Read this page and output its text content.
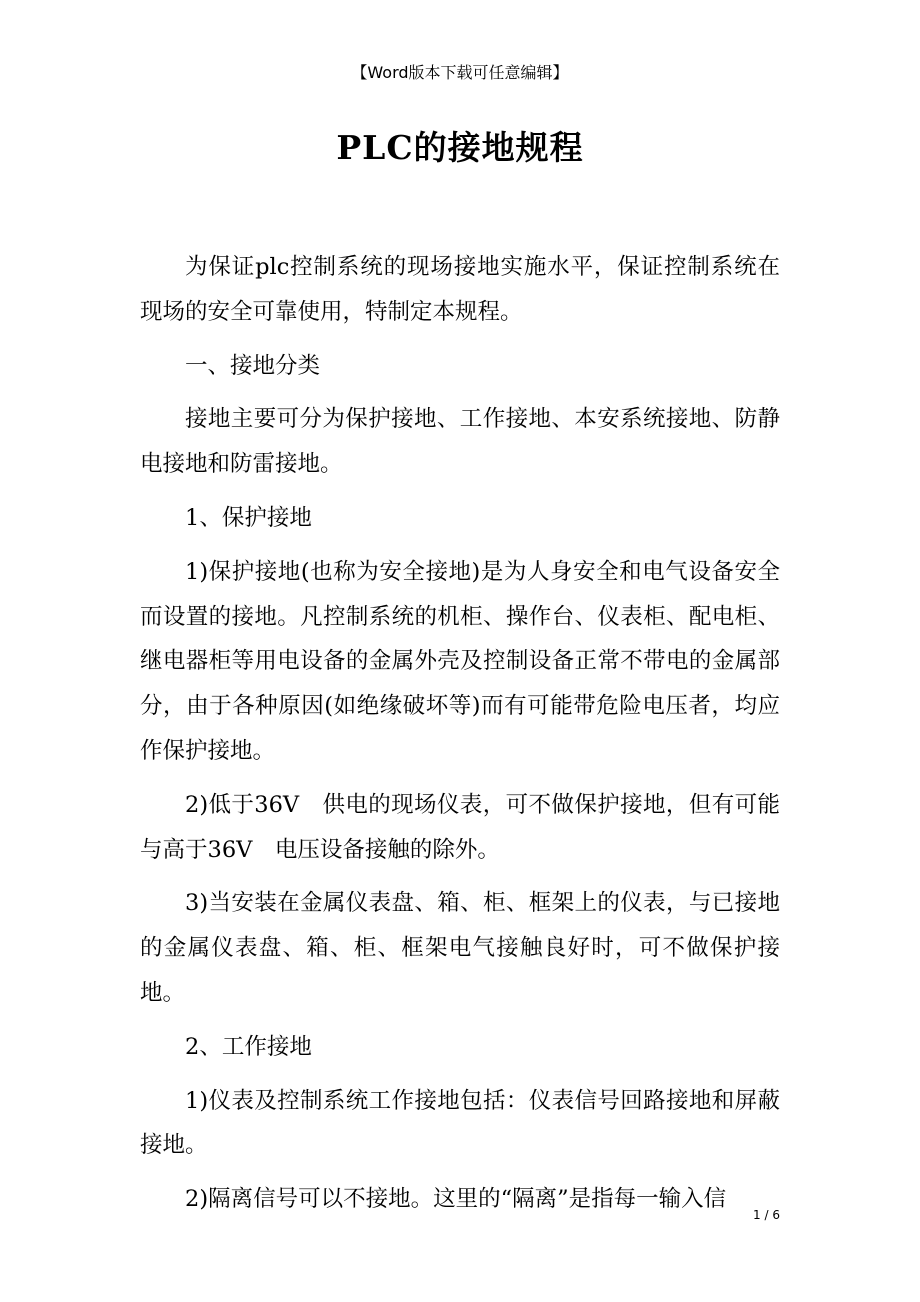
【Word版本下载可任意编辑】
PLC的接地规程

为保证plc控制系统的现场接地实施水平，保证控制系统在现场的安全可靠使用，特制定本规程。

一、接地分类

接地主要可分为保护接地、工作接地、本安系统接地、防静电接地和防雷接地。

1、保护接地

1)保护接地(也称为安全接地)是为人身安全和电气设备安全而设置的接地。凡控制系统的机柜、操作台、仪表柜、配电柜、继电器柜等用电设备的金属外壳及控制设备正常不带电的金属部分，由于各种原因(如绝缘破坏等)而有可能带危险电压者，均应作保护接地。

2)低于36V　供电的现场仪表，可不做保护接地，但有可能与高于36V　电压设备接触的除外。

3)当安装在金属仪表盘、箱、柜、框架上的仪表，与已接地的金属仪表盘、箱、柜、框架电气接触良好时，可不做保护接地。

2、工作接地

1)仪表及控制系统工作接地包括：仪表信号回路接地和屏蔽接地。

2)隔离信号可以不接地。这里的“隔离”是指每一输入信

1 / 6
